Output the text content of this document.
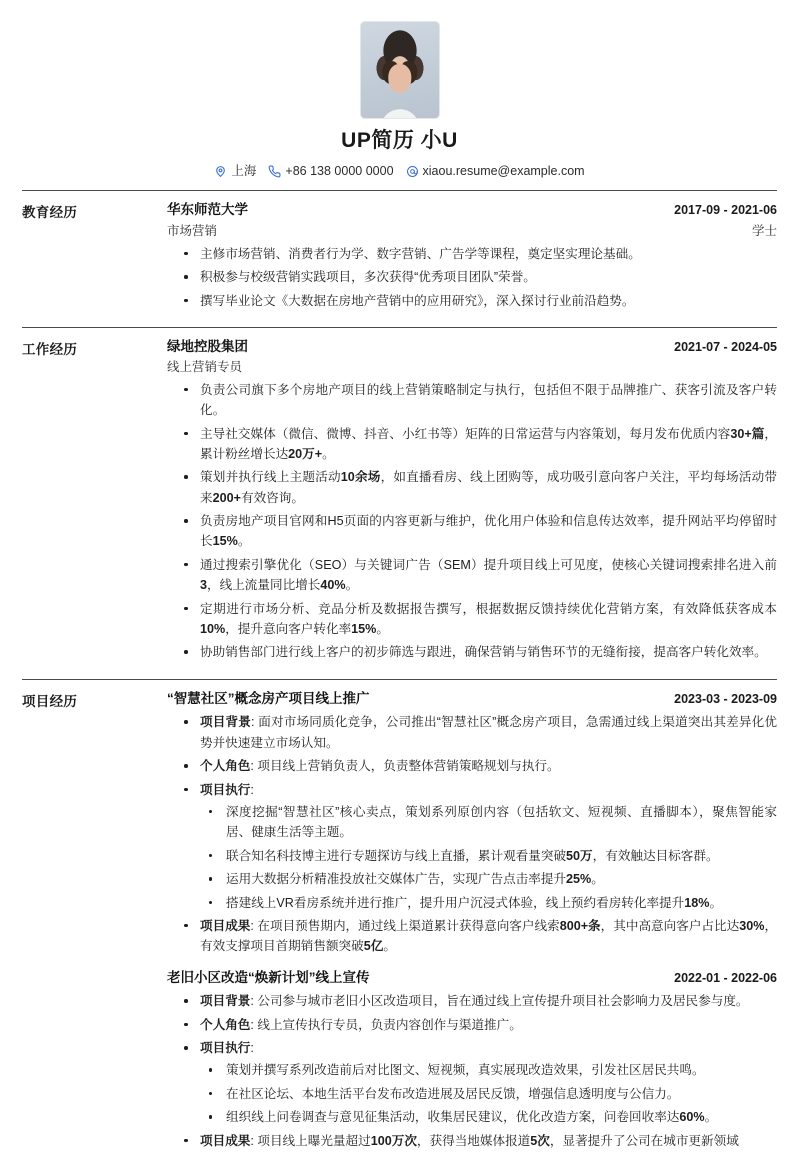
UP简历 小U
上海 +86 138 0000 0000 xiaou.resume@example.com
教育经历	华东师范大学	2017-09 - 2021-06
市场营销	学士
主修市场营销、消费者行为学、数字营销、广告学等课程，奠定坚实理论基础。
积极参与校级营销实践项目，多次获得“优秀项目团队”荣誉。
撰写毕业论文《大数据在房地产营销中的应用研究》，深入探讨行业前沿趋势。
工作经历	绿地控股集团	2021-07 - 2024-05
线上营销专员
负责公司旗下多个房地产项目的线上营销策略制定与执行，包括但不限于品牌推广、获客引流及客户转化。
主导社交媒体（微信、微博、抖音、小红书等）矩阵的日常运营与内容策划，每月发布优质内容30+篇，累计粉丝增长达20万+。
策划并执行线上主题活动10余场，如直播看房、线上团购等，成功吸引意向客户关注，平均每场活动带来200+有效咨询。
负责房地产项目官网和H5页面的内容更新与维护，优化用户体验和信息传达效率，提升网站平均停留时长15%。
通过搜索引擎优化（SEO）与关键词广告（SEM）提升项目线上可见度，使核心关键词搜索排名进入前3，线上流量同比增长40%。
定期进行市场分析、竞品分析及数据报告撰写，根据数据反馈持续优化营销方案，有效降低获客成本10%，提升意向客户转化率15%。
协助销售部门进行线上客户的初步筛选与跟进，确保营销与销售环节的无缝衔接，提高客户转化效率。
项目经历	“智慧社区”概念房产项目线上推广	2023-03 - 2023-09
项目背景: 面对市场同质化竞争，公司推出“智慧社区”概念房产项目，急需通过线上渠道突出其差异化优势并快速建立市场认知。
个人角色: 项目线上营销负责人，负责整体营销策略规划与执行。
项目执行:
深度挖掘“智慧社区”核心卖点，策划系列原创内容（包括软文、短视频、直播脚本），聚焦智能家居、健康生活等主题。
联合知名科技博主进行专题探访与线上直播，累计观看量突破50万，有效触达目标客群。
运用大数据分析精准投放社交媒体广告，实现广告点击率提升25%。
搭建线上VR看房系统并进行推广，提升用户沉浸式体验，线上预约看房转化率提升18%。
项目成果: 在项目预售期内，通过线上渠道累计获得意向客户线索800+条，其中高意向客户占比达30%，有效支撑项目首期销售额突破5亿。
老旧小区改造“焕新计划”线上宣传	2022-01 - 2022-06
项目背景: 公司参与城市老旧小区改造项目，旨在通过线上宣传提升项目社会影响力及居民参与度。
个人角色: 线上宣传执行专员，负责内容创作与渠道推广。
项目执行:
策划并撰写系列改造前后对比图文、短视频，真实展现改造效果，引发社区居民共鸣。
在社区论坛、本地生活平台发布改造进展及居民反馈，增强信息透明度与公信力。
组织线上问卷调查与意见征集活动，收集居民建议，优化改造方案，问卷回收率达60%。
项目成果: 项目线上曝光量超过100万次，获得当地媒体报道5次，显著提升了公司在城市更新领域
